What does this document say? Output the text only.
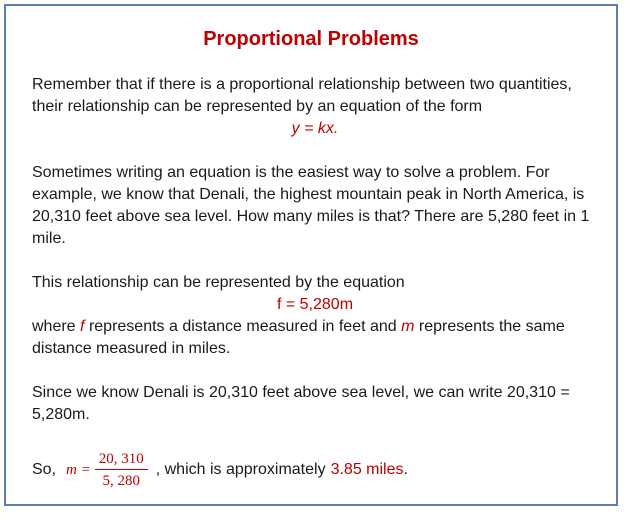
Proportional Problems

Remember that if there is a proportional relationship between two quantities, their relationship can be represented by an equation of the form

y = kx.

Sometimes writing an equation is the easiest way to solve a problem. For example, we know that Denali, the highest mountain peak in North America, is 20,310 feet above sea level. How many miles is that? There are 5,280 feet in 1 mile.

This relationship can be represented by the equation

f = 5,280m

where f represents a distance measured in feet and m represents the same distance measured in miles.

Since we know Denali is 20,310 feet above sea level, we can write 20,310 = 5,280m.

So, $m = \frac{20, 310}{5, 280}$ , which is approximately 3.85 miles .
